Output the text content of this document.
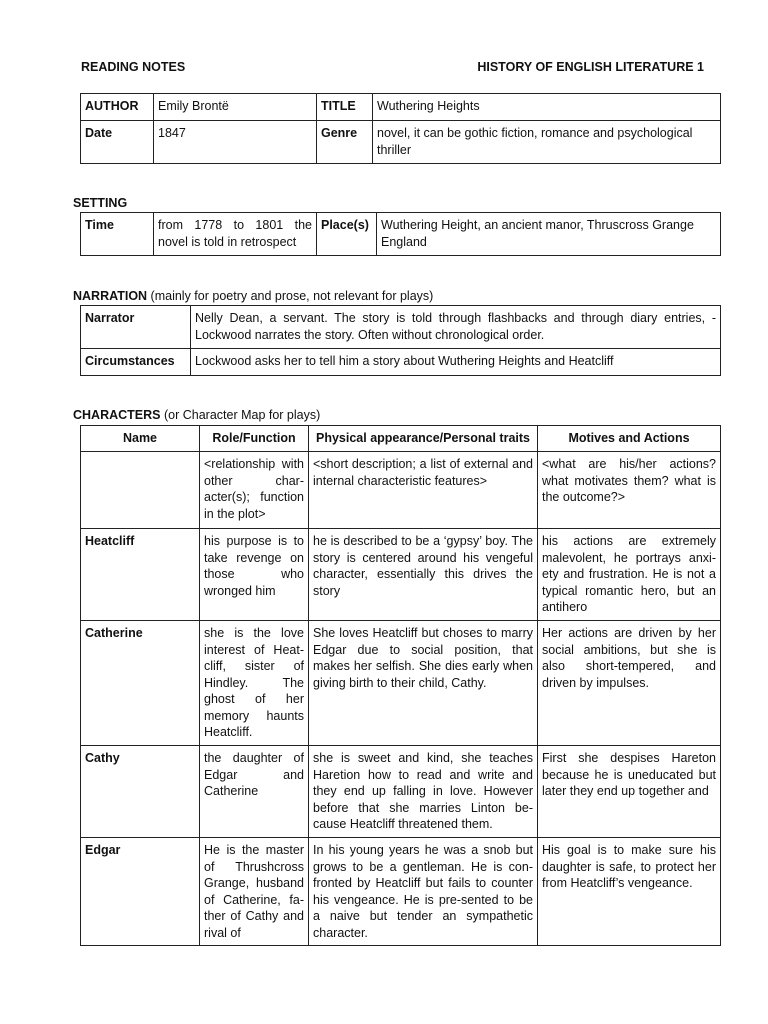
READING NOTES	HISTORY OF ENGLISH LITERATURE 1
AUTHOR	Emily Brontë	TITLE	Wuthering Heights
Date	1847	Genre	novel, it can be gothic fiction, romance and psychological thriller
SETTING
Time	from 1778 to 1801 the novel is told in retrospect	Place(s)	Wuthering Height, an ancient manor, Thruscross Grange England
NARRATION (mainly for poetry and prose, not relevant for plays)
Narrator	Nelly Dean, a servant. The story is told through flashbacks and through diary entries, - Lockwood narrates the story. Often without chronological order.
Circumstances	Lockwood asks her to tell him a story about Wuthering Heights and Heatcliff
CHARACTERS (or Character Map for plays)
Name	Role/Function	Physical appearance/Personal traits	Motives and Actions
	<relationship with other char-acter(s); function in the plot>	<short description; a list of external and internal characteristic features>	<what are his/her actions? what motivates them? what is the outcome?>
Heatcliff	his purpose is to take revenge on those who wronged him	he is described to be a ‘gypsy’ boy. The story is centered around his vengeful character, essentially this drives the story	his actions are extremely malevolent, he portrays anxi-ety and frustration. He is not a typical romantic hero, but an antihero
Catherine	she is the love interest of Heat-cliff, sister of Hindley. The ghost of her memory haunts Heatcliff.	She loves Heatcliff but choses to marry Edgar due to social position, that makes her selfish. She dies early when giving birth to their child, Cathy.	Her actions are driven by her social ambitions, but she is also short-tempered, and driven by impulses.
Cathy	the daughter of Edgar and Catherine	she is sweet and kind, she teaches Haretion how to read and write and they end up falling in love. However before that she marries Linton be-cause Heatcliff threatened them.	First she despises Hareton because he is uneducated but later they end up together and
Edgar	He is the master of Thrushcross Grange, husband of Catherine, fa-ther of Cathy and rival of	In his young years he was a snob but grows to be a gentleman. He is con-fronted by Heatcliff but fails to counter his vengeance. He is pre-sented to be a naive but tender an sympathetic character.	His goal is to make sure his daughter is safe, to protect her from Heatcliff’s vengeance.
